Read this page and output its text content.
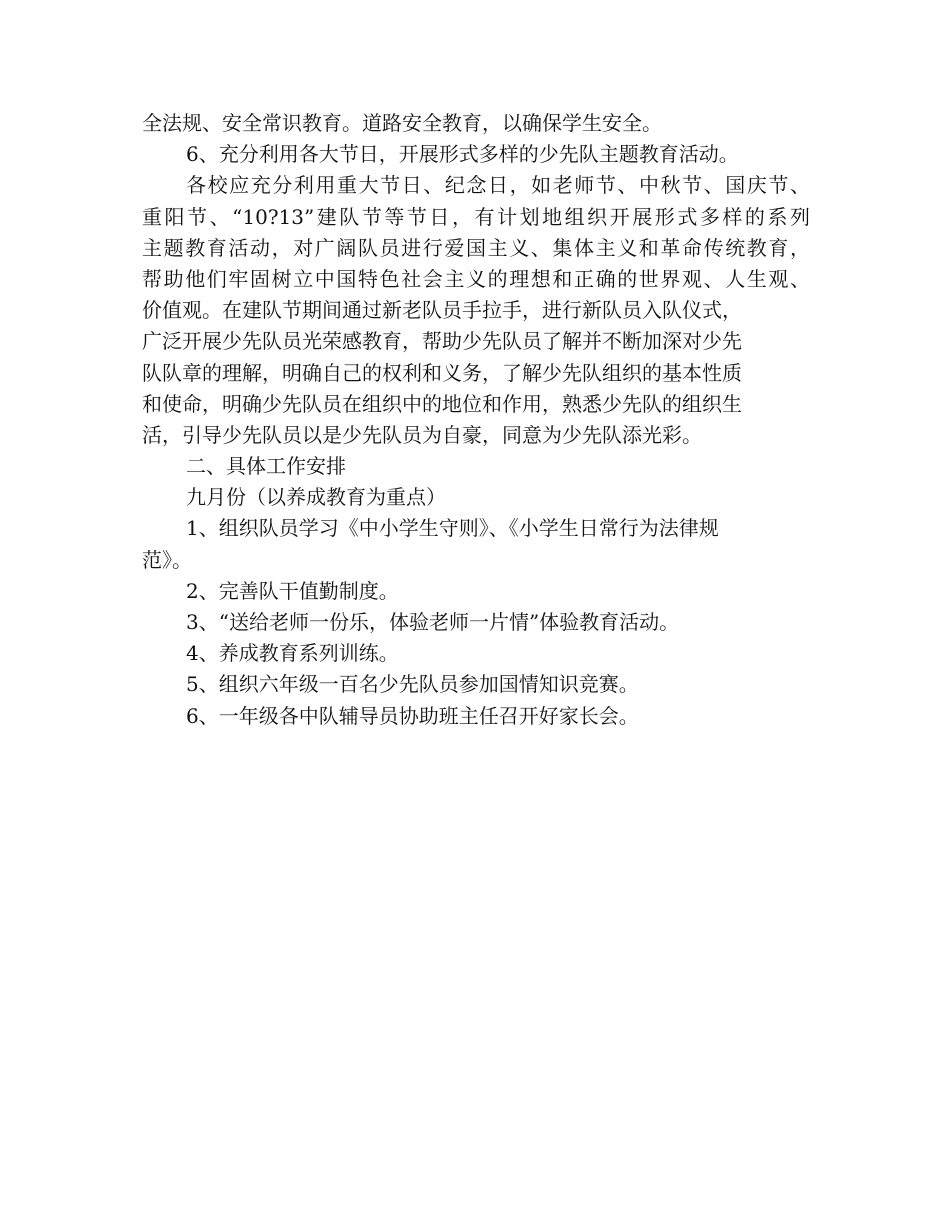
全法规、安全常识教育。道路安全教育，以确保学生安全。
6、充分利用各大节日，开展形式多样的少先队主题教育活动。
各校应充分利用重大节日、纪念日，如老师节、中秋节、国庆节、
重阳节、“10?13”建队节等节日，有计划地组织开展形式多样的系列
主题教育活动，对广阔队员进行爱国主义、集体主义和革命传统教育，
帮助他们牢固树立中国特色社会主义的理想和正确的世界观、人生观、
价值观。在建队节期间通过新老队员手拉手，进行新队员入队仪式，
广泛开展少先队员光荣感教育，帮助少先队员了解并不断加深对少先
队队章的理解，明确自己的权利和义务，了解少先队组织的基本性质
和使命，明确少先队员在组织中的地位和作用，熟悉少先队的组织生
活，引导少先队员以是少先队员为自豪，同意为少先队添光彩。
二、具体工作安排
九月份（以养成教育为重点）
1、组织队员学习《中小学生守则》、《小学生日常行为法律规
范》。
2、完善队干值勤制度。
3、“送给老师一份乐，体验老师一片情”体验教育活动。
4、养成教育系列训练。
5、组织六年级一百名少先队员参加国情知识竞赛。
6、一年级各中队辅导员协助班主任召开好家长会。
